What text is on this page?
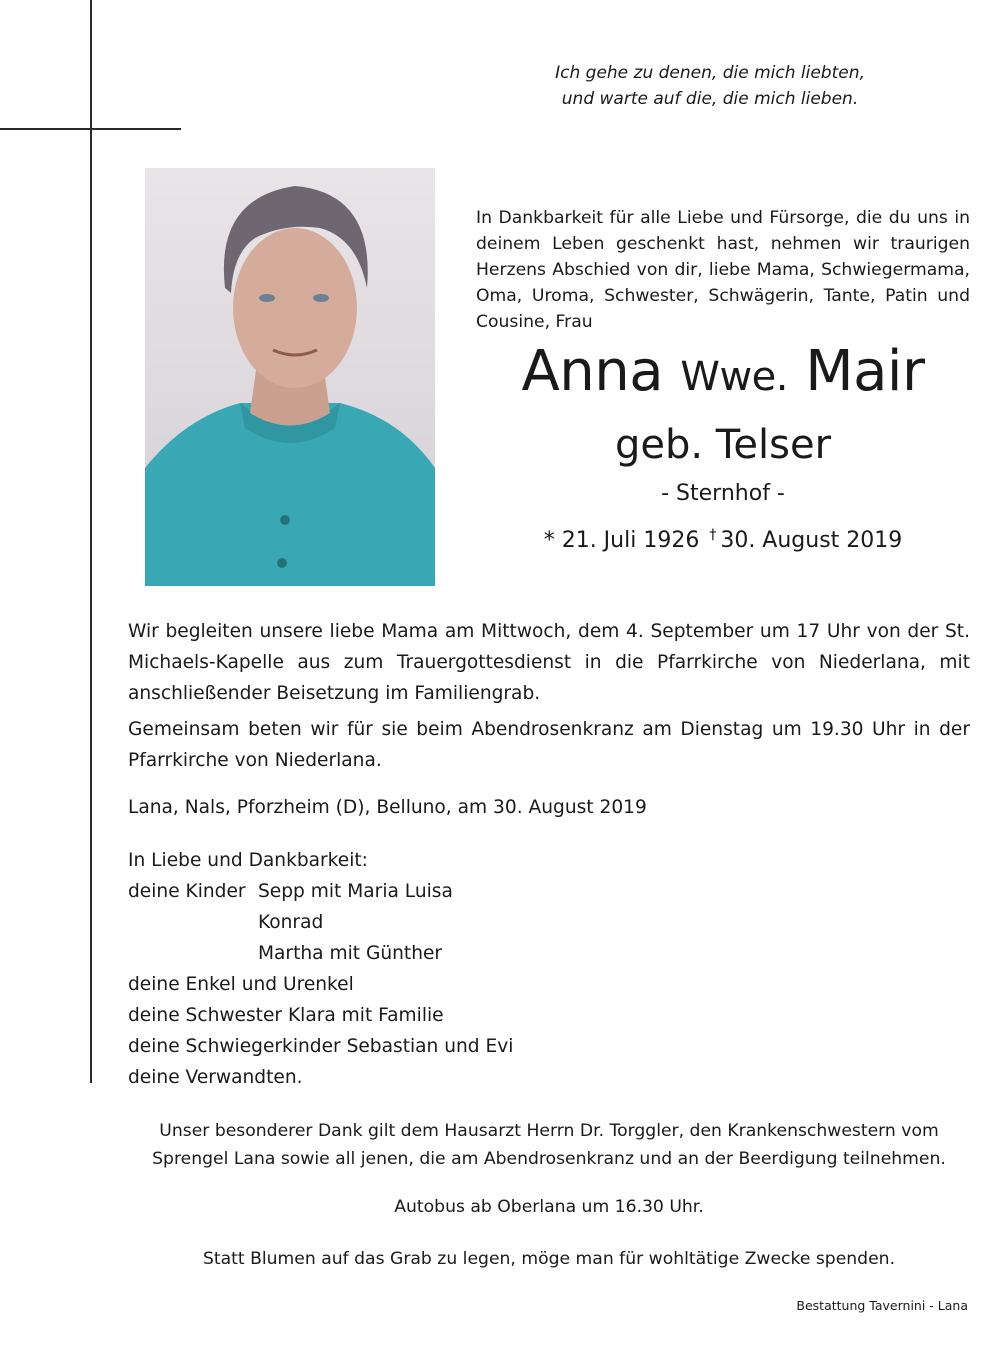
Ich gehe zu denen, die mich liebten,
und warte auf die, die mich lieben.
In Dankbarkeit für alle Liebe und Fürsorge, die du uns in deinem Leben geschenkt hast, nehmen wir traurigen Herzens Abschied von dir, liebe Mama, Schwiegermama, Oma, Uroma, Schwester, Schwägerin, Tante, Patin und Cousine, Frau
Anna Wwe. Mair
geb. Telser
- Sternhof -
* 21. Juli 1926 † 30. August 2019
Wir begleiten unsere liebe Mama am Mittwoch, dem 4. September um 17 Uhr von der St. Michaels-Kapelle aus zum Trauergottesdienst in die Pfarrkirche von Niederlana, mit anschließender Beisetzung im Familiengrab.
Gemeinsam beten wir für sie beim Abendrosenkranz am Dienstag um 19.30 Uhr in der Pfarrkirche von Niederlana.
Lana, Nals, Pforzheim (D), Belluno, am 30. August 2019
In Liebe und Dankbarkeit:
deine Kinder Sepp mit Maria Luisa
Konrad
Martha mit Günther
deine Enkel und Urenkel
deine Schwester Klara mit Familie
deine Schwiegerkinder Sebastian und Evi
deine Verwandten.
Unser besonderer Dank gilt dem Hausarzt Herrn Dr. Torggler, den Krankenschwestern vom
Sprengel Lana sowie all jenen, die am Abendrosenkranz und an der Beerdigung teilnehmen.
Autobus ab Oberlana um 16.30 Uhr.
Statt Blumen auf das Grab zu legen, möge man für wohltätige Zwecke spenden.
Bestattung Tavernini - Lana
